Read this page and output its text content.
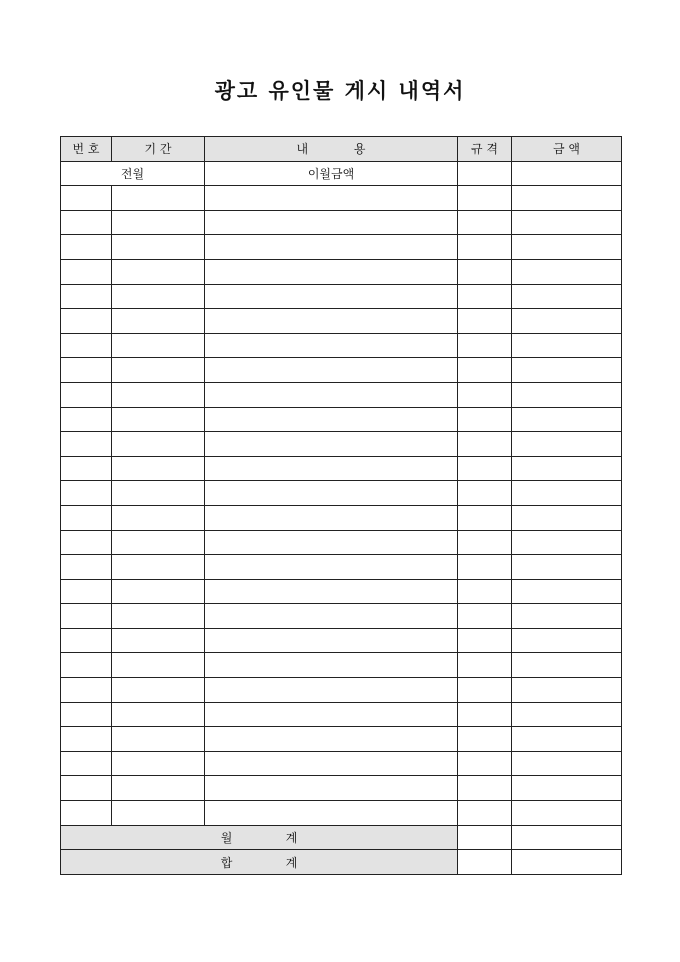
광고 유인물 게시 내역서
번 호	기 간	내            용	규 격	금 액
전월		이월금액		

월              계				
합              계				
